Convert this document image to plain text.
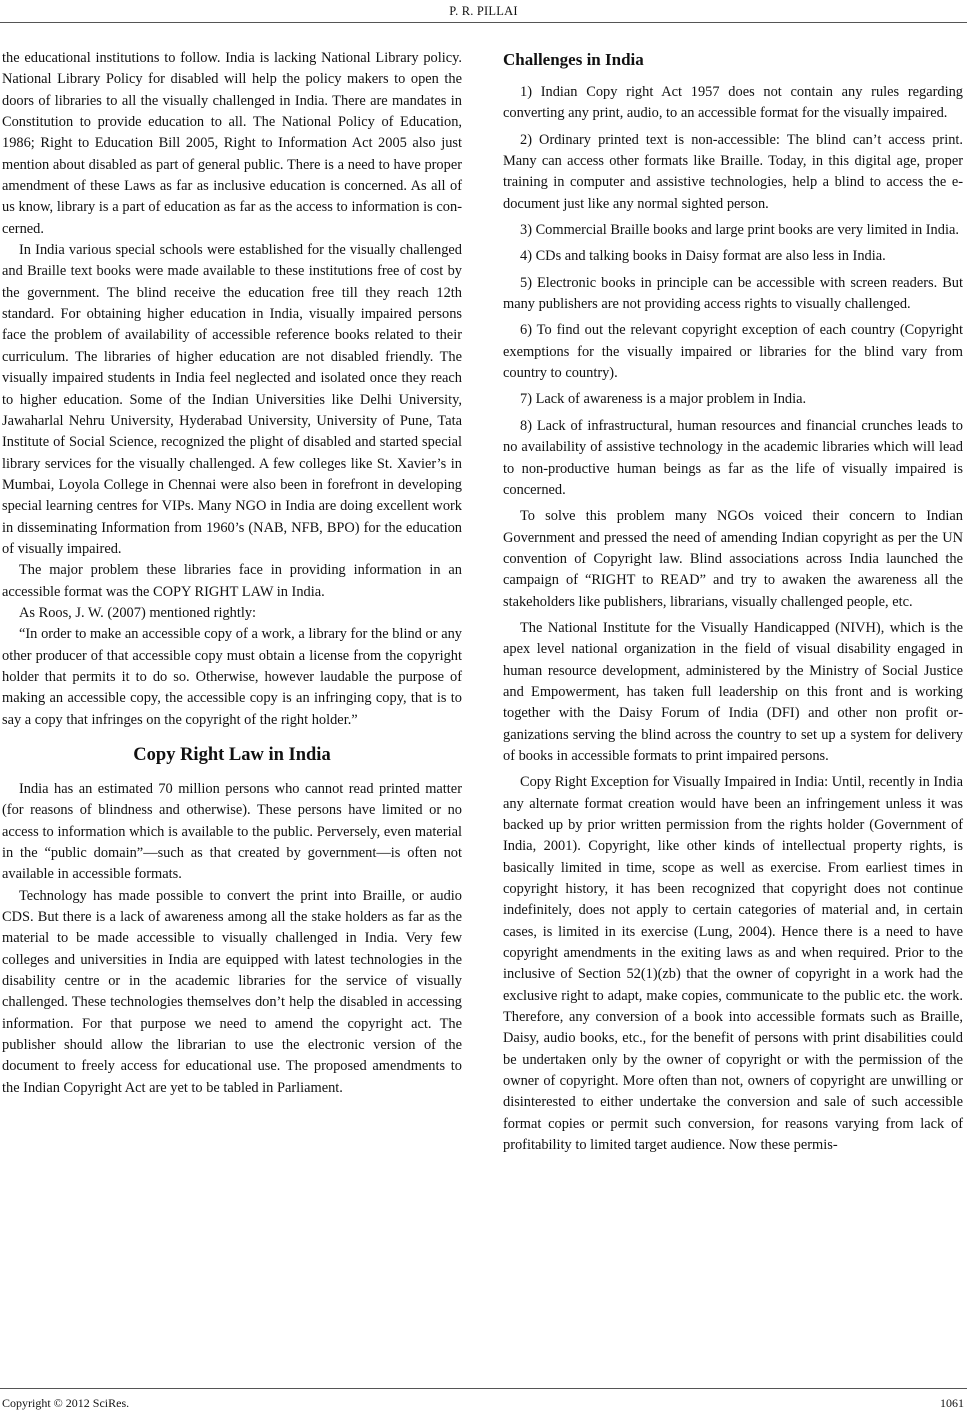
P. R. PILLAI

the educational institutions to follow. India is lacking National Library policy. National Library Policy for disabled will help the policy makers to open the doors of libraries to all the visually challenged in India. There are mandates in Constitution to provide education to all. The National Policy of Education, 1986; Right to Education Bill 2005, Right to Information Act 2005 also just mention about disabled as part of general public. There is a need to have proper amendment of these Laws as far as inclusive education is concerned. As all of us know, library is a part of education as far as the access to information is concerned.

In India various special schools were established for the visually challenged and Braille text books were made available to these institutions free of cost by the government. The blind receive the education free till they reach 12th standard. For obtaining higher education in India, visually impaired persons face the problem of availability of accessible reference books related to their curriculum. The libraries of higher education are not disabled friendly. The visually impaired students in India feel neglected and isolated once they reach to higher education. Some of the Indian Universities like Delhi University, Jawaharlal Nehru University, Hyderabad University, University of Pune, Tata Institute of Social Science, recognized the plight of disabled and started special library services for the visually challenged. A few colleges like St. Xavier’s in Mumbai, Loyola College in Chennai were also been in forefront in developing special learning centres for VIPs. Many NGO in India are doing excellent work in disseminating Information from 1960’s (NAB, NFB, BPO) for the education of visually impaired.

The major problem these libraries face in providing information in an accessible format was the COPY RIGHT LAW in India.

As Roos, J. W. (2007) mentioned rightly:

“In order to make an accessible copy of a work, a library for the blind or any other producer of that accessible copy must obtain a license from the copyright holder that permits it to do so. Otherwise, however laudable the purpose of making an accessible copy, the accessible copy is an infringing copy, that is to say a copy that infringes on the copyright of the right holder.”

Copy Right Law in India

India has an estimated 70 million persons who cannot read printed matter (for reasons of blindness and otherwise). These persons have limited or no access to information which is available to the public. Perversely, even material in the “public domain”—such as that created by government—is often not available in accessible formats.

Technology has made possible to convert the print into Braille, or audio CDS. But there is a lack of awareness among all the stake holders as far as the material to be made accessible to visually challenged in India. Very few colleges and universities in India are equipped with latest technologies in the disability centre or in the academic libraries for the service of visually challenged. These technologies themselves don’t help the disabled in accessing information. For that purpose we need to amend the copyright act. The publisher should allow the librarian to use the electronic version of the document to freely access for educational use. The proposed amendments to the Indian Copyright Act are yet to be tabled in Parliament.

Challenges in India

1) Indian Copy right Act 1957 does not contain any rules regarding converting any print, audio, to an accessible format for the visually impaired.

2) Ordinary printed text is non-accessible: The blind can’t access print. Many can access other formats like Braille. Today, in this digital age, proper training in computer and assistive technologies, help a blind to access the e- document just like any normal sighted person.

3) Commercial Braille books and large print books are very limited in India.

4) CDs and talking books in Daisy format are also less in India.

5) Electronic books in principle can be accessible with screen readers. But many publishers are not providing access rights to visually challenged.

6) To find out the relevant copyright exception of each country (Copyright exemptions for the visually impaired or libraries for the blind vary from country to country).

7) Lack of awareness is a major problem in India.

8) Lack of infrastructural, human resources and financial crunches leads to no availability of assistive technology in the academic libraries which will lead to non-productive human beings as far as the life of visually impaired is concerned.

To solve this problem many NGOs voiced their concern to Indian Government and pressed the need of amending Indian copyright as per the UN convention of Copyright law. Blind associations across India launched the campaign of “RIGHT to READ” and try to awaken the awareness all the stakeholders like publishers, librarians, visually challenged people, etc.

The National Institute for the Visually Handicapped (NIVH), which is the apex level national organization in the field of visual disability engaged in human resource development, administered by the Ministry of Social Justice and Empowerment, has taken full leadership on this front and is working together with the Daisy Forum of India (DFI) and other non profit organizations serving the blind across the country to set up a system for delivery of books in accessible formats to print impaired persons.

Copy Right Exception for Visually Impaired in India: Until, recently in India any alternate format creation would have been an infringement unless it was backed up by prior written permission from the rights holder (Government of India, 2001). Copyright, like other kinds of intellectual property rights, is basically limited in time, scope as well as exercise. From earliest times in copyright history, it has been recognized that copyright does not continue indefinitely, does not apply to certain categories of material and, in certain cases, is limited in its exercise (Lung, 2004). Hence there is a need to have copyright amendments in the exiting laws as and when required. Prior to the inclusive of Section 52(1)(zb) that the owner of copyright in a work had the exclusive right to adapt, make copies, communicate to the public etc. the work. Therefore, any conversion of a book into accessible formats such as Braille, Daisy, audio books, etc., for the benefit of persons with print disabilities could be undertaken only by the owner of copyright or with the permission of the owner of copyright. More often than not, owners of copyright are unwilling or disinterested to either undertake the conversion and sale of such accessible format copies or permit such conversion, for reasons varying from lack of profitability to limited target audience. Now these permis-

Copyright © 2012 SciRes.	1061
